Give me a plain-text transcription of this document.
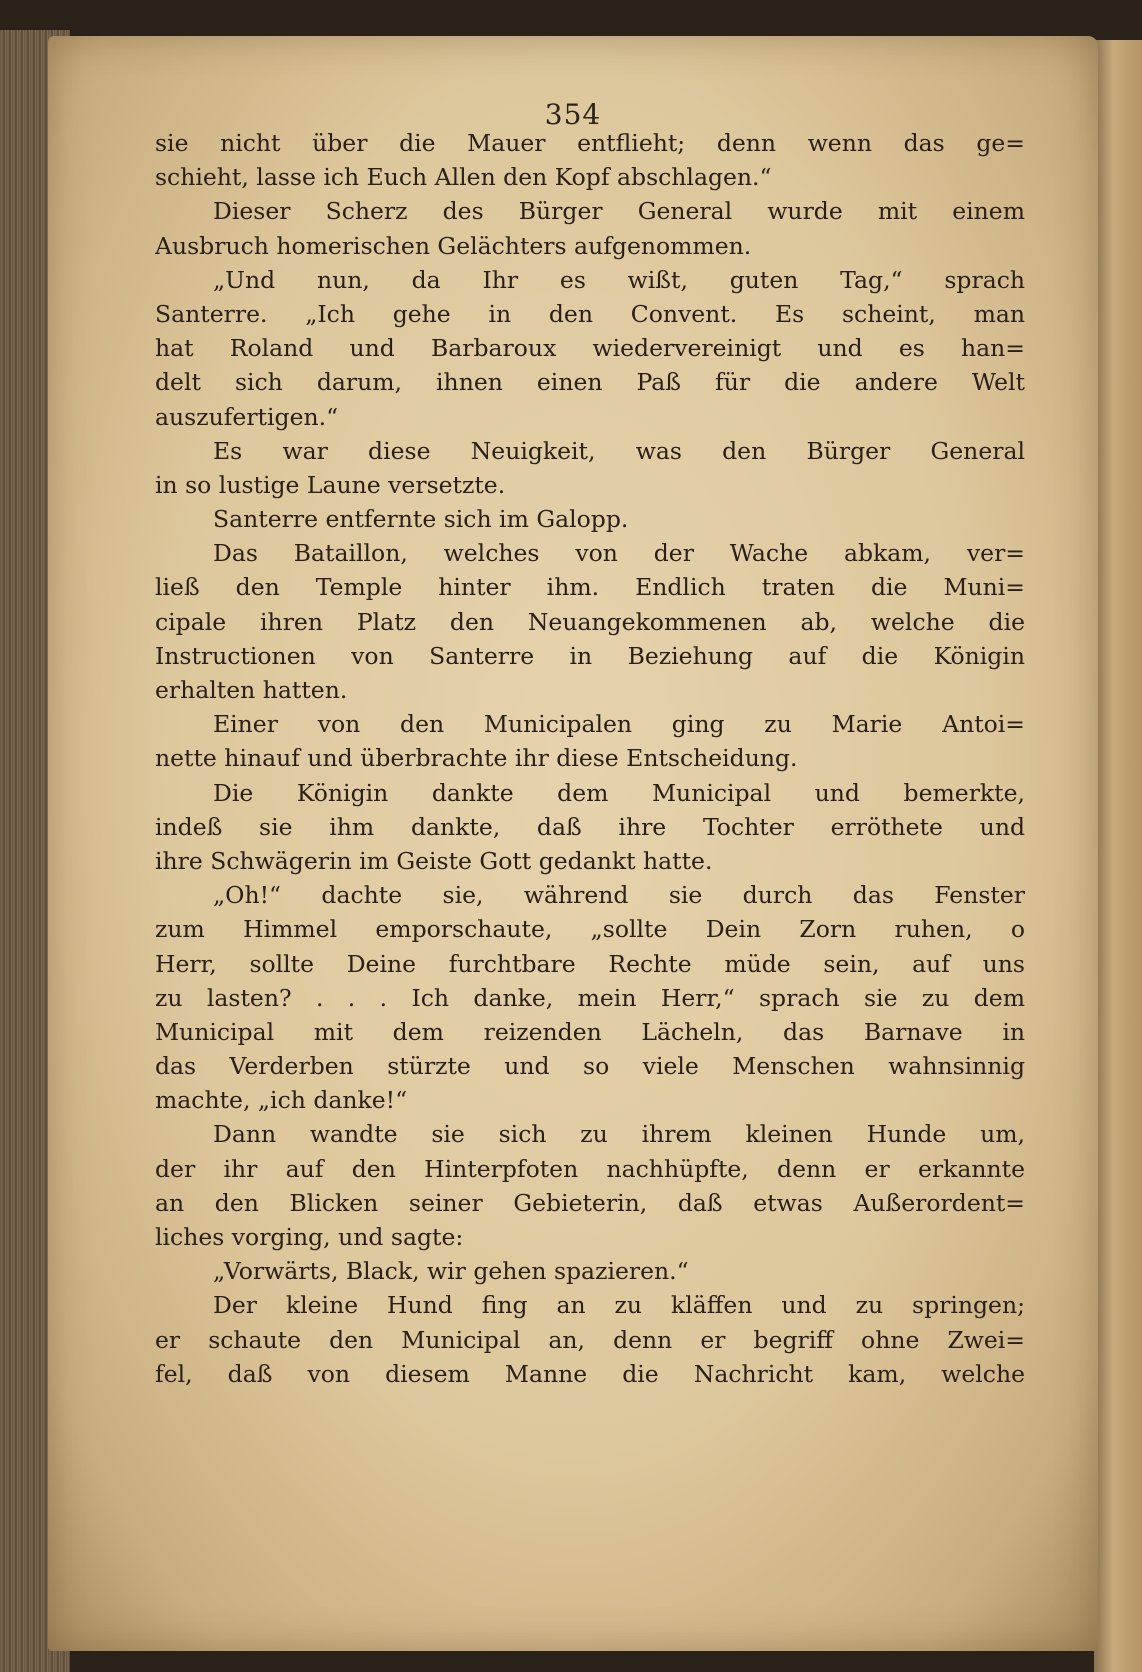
354
sie nicht über die Mauer entflieht; denn wenn das ge=
schieht, lasse ich Euch Allen den Kopf abschlagen.“
Dieser Scherz des Bürger General wurde mit einem
Ausbruch homerischen Gelächters aufgenommen.
„Und nun, da Ihr es wißt, guten Tag,“ sprach
Santerre. „Ich gehe in den Convent. Es scheint, man
hat Roland und Barbaroux wiedervereinigt und es han=
delt sich darum, ihnen einen Paß für die andere Welt
auszufertigen.“
Es war diese Neuigkeit, was den Bürger General
in so lustige Laune versetzte.
Santerre entfernte sich im Galopp.
Das Bataillon, welches von der Wache abkam, ver=
ließ den Temple hinter ihm. Endlich traten die Muni=
cipale ihren Platz den Neuangekommenen ab, welche die
Instructionen von Santerre in Beziehung auf die Königin
erhalten hatten.
Einer von den Municipalen ging zu Marie Antoi=
nette hinauf und überbrachte ihr diese Entscheidung.
Die Königin dankte dem Municipal und bemerkte,
indeß sie ihm dankte, daß ihre Tochter erröthete und
ihre Schwägerin im Geiste Gott gedankt hatte.
„Oh!“ dachte sie, während sie durch das Fenster
zum Himmel emporschaute, „sollte Dein Zorn ruhen, o
Herr, sollte Deine furchtbare Rechte müde sein, auf uns
zu lasten? . . . Ich danke, mein Herr,“ sprach sie zu dem
Municipal mit dem reizenden Lächeln, das Barnave in
das Verderben stürzte und so viele Menschen wahnsinnig
machte, „ich danke!“
Dann wandte sie sich zu ihrem kleinen Hunde um,
der ihr auf den Hinterpfoten nachhüpfte, denn er erkannte
an den Blicken seiner Gebieterin, daß etwas Außerordent=
liches vorging, und sagte:
„Vorwärts, Black, wir gehen spazieren.“
Der kleine Hund fing an zu kläffen und zu springen;
er schaute den Municipal an, denn er begriff ohne Zwei=
fel, daß von diesem Manne die Nachricht kam, welche
